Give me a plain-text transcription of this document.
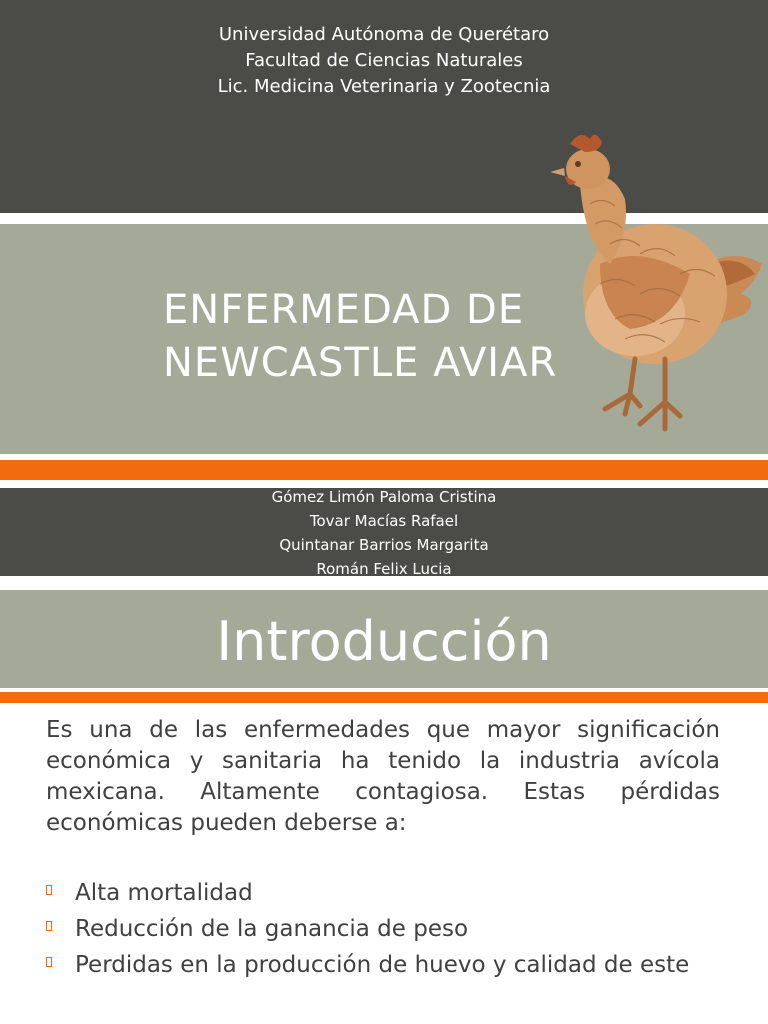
Universidad Autónoma de Querétaro
Facultad de Ciencias Naturales
Lic. Medicina Veterinaria y Zootecnia
ENFERMEDAD DE
NEWCASTLE AVIAR
Gómez Limón Paloma Cristina
Tovar Macías Rafael
Quintanar Barrios Margarita
Román Felix Lucia
Introducción
Es una de las enfermedades que mayor significación económica y sanitaria ha tenido la industria avícola mexicana. Altamente contagiosa. Estas pérdidas económicas pueden deberse a:
Alta mortalidad
Reducción de la ganancia de peso
Perdidas en la producción de huevo y calidad de este
